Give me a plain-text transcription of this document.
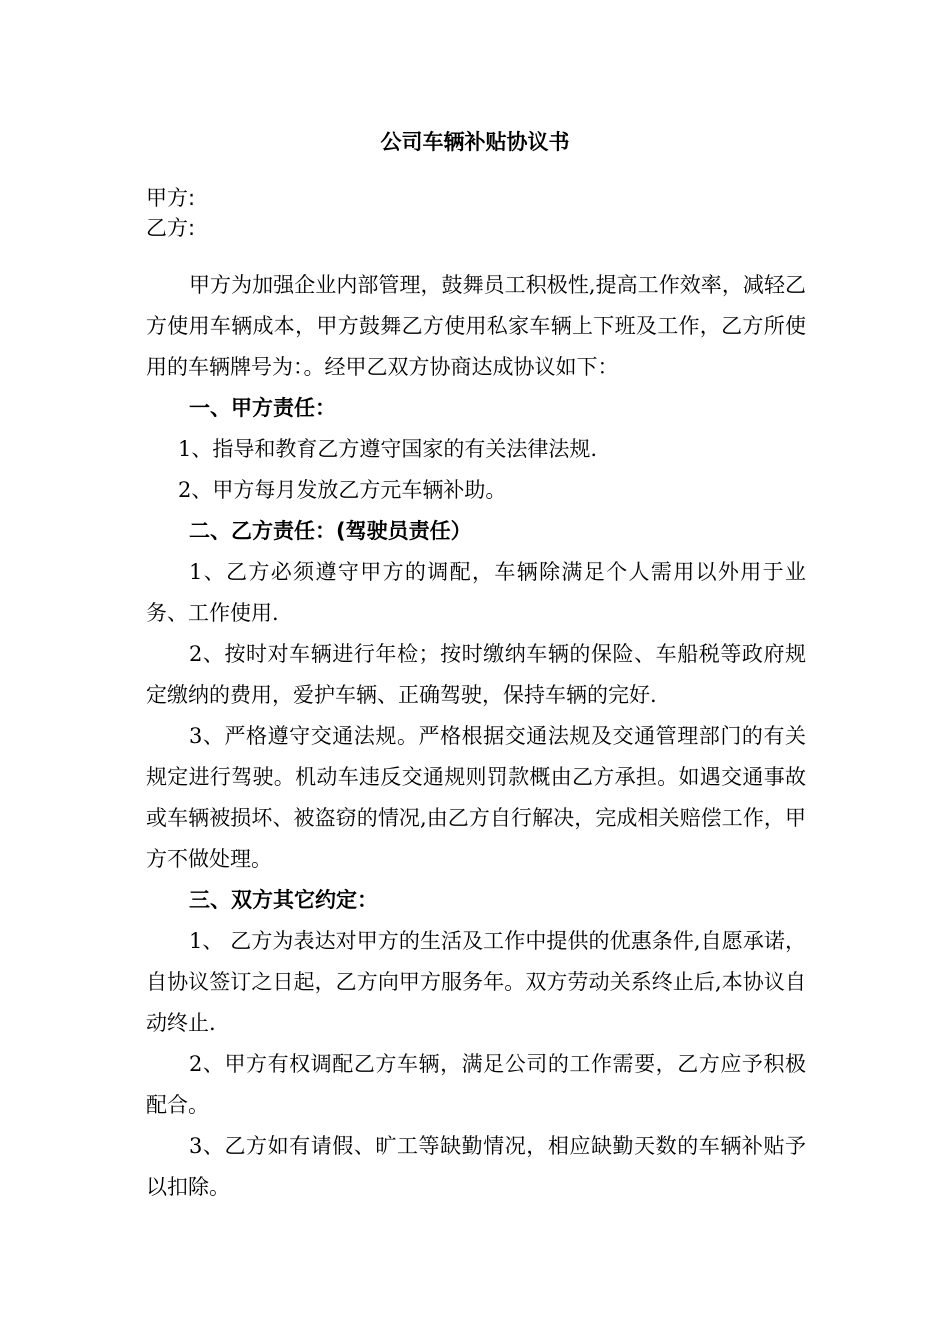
公司车辆补贴协议书
甲方:
乙方:

甲方为加强企业内部管理，鼓舞员工积极性,提高工作效率，减轻乙方使用车辆成本，甲方鼓舞乙方使用私家车辆上下班及工作，乙方所使用的车辆牌号为：。经甲乙双方协商达成协议如下：

一、甲方责任：

1、指导和教育乙方遵守国家的有关法律法规.

2、甲方每月发放乙方元车辆补助。

二、乙方责任：(驾驶员责任）

1、乙方必须遵守甲方的调配，车辆除满足个人需用以外用于业务、工作使用.

2、按时对车辆进行年检；按时缴纳车辆的保险、车船税等政府规定缴纳的费用，爱护车辆、正确驾驶，保持车辆的完好.

3、严格遵守交通法规。严格根据交通法规及交通管理部门的有关规定进行驾驶。机动车违反交通规则罚款概由乙方承担。如遇交通事故或车辆被损坏、被盗窃的情况,由乙方自行解决，完成相关赔偿工作，甲方不做处理。

三、双方其它约定：

1、 乙方为表达对甲方的生活及工作中提供的优惠条件,自愿承诺，自协议签订之日起，乙方向甲方服务年。双方劳动关系终止后,本协议自动终止.

2、甲方有权调配乙方车辆，满足公司的工作需要，乙方应予积极配合。

3、乙方如有请假、旷工等缺勤情况，相应缺勤天数的车辆补贴予以扣除。
